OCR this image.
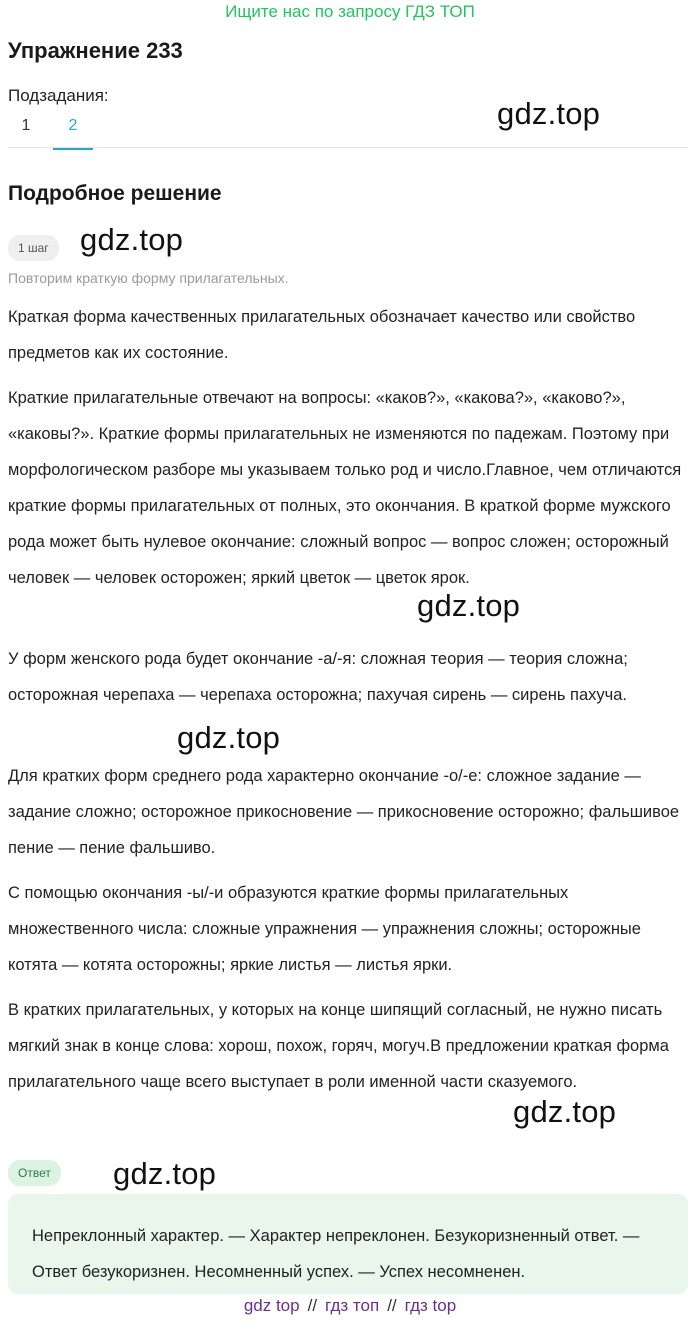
Ищите нас по запросу ГДЗ ТОП
Упражнение 233
Подзадания:
1	2	gdz.top
Подробное решение
1 шаг	gdz.top
Повторим краткую форму прилагательных.

Краткая форма качественных прилагательных обозначает качество или свойство предметов как их состояние.

Краткие прилагательные отвечают на вопросы: «каков?», «какова?», «каково?», «каковы?». Краткие формы прилагательных не изменяются по падежам. Поэтому при морфологическом разборе мы указываем только род и число.Главное, чем отличаются краткие формы прилагательных от полных, это окончания. В краткой форме мужского рода может быть нулевое окончание: сложный вопрос — вопрос сложен; осторожный человек — человек осторожен; яркий цветок — цветок ярок.

gdz.top

У форм женского рода будет окончание -а/-я: сложная теория — теория сложна; осторожная черепаха — черепаха осторожна; пахучая сирень — сирень пахуча.

gdz.top

Для кратких форм среднего рода характерно окончание -о/-е: сложное задание — задание сложно; осторожное прикосновение — прикосновение осторожно; фальшивое пение — пение фальшиво.

С помощью окончания -ы/-и образуются краткие формы прилагательных множественного числа: сложные упражнения — упражнения сложны; осторожные котята — котята осторожны; яркие листья — листья ярки.

В кратких прилагательных, у которых на конце шипящий согласный, не нужно писать мягкий знак в конце слова: хорош, похож, горяч, могуч.В предложении краткая форма прилагательного чаще всего выступает в роли именной части сказуемого.

gdz.top
Ответ	gdz.top

Непреклонный характер. — Характер непреклонен. Безукоризненный ответ. — Ответ безукоризнен. Несомненный успех. — Успех несомненен.

gdz top // гдз топ // гдз top
